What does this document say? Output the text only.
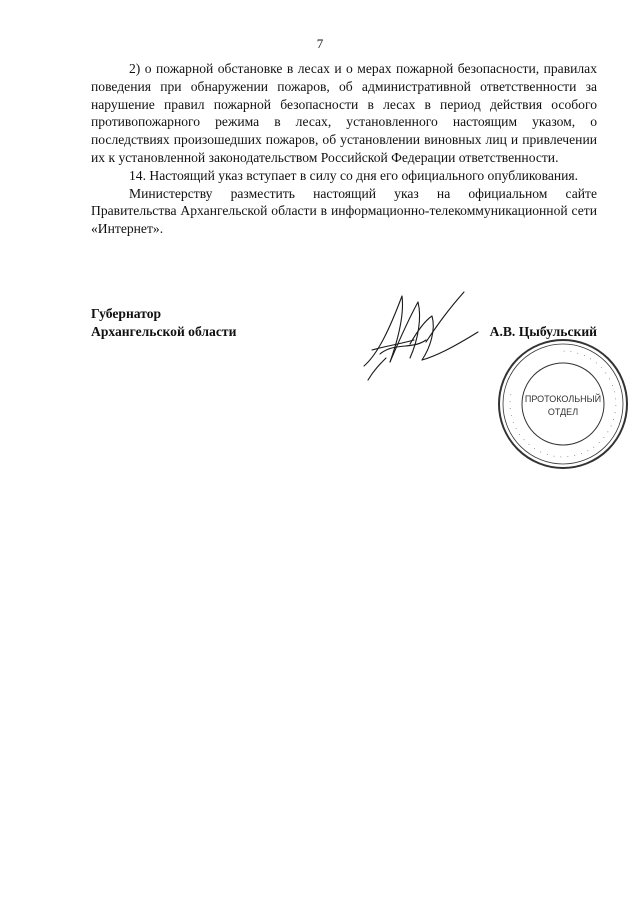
7

2) о пожарной обстановке в лесах и о мерах пожарной безопасности, правилах поведения при обнаружении пожаров, об административной ответственности за нарушение правил пожарной безопасности в лесах в период действия особого противопожарного режима в лесах, установленного настоящим указом, о последствиях произошедших пожаров, об установлении виновных лиц и привлечении их к установленной законодательством Российской Федерации ответственности.

14. Настоящий указ вступает в силу со дня его официального опубликования.

Министерству разместить настоящий указ на официальном сайте Правительства Архангельской области в информационно-телекоммуникационной сети «Интернет».

Губернатор
Архангельской области	А.В. Цыбульский
· · · · · · · · · · · · · · · · · · · · · · · · · · · · · · · · · · · · · ·	ПРОТОКОЛЬНЫЙ
ОТДЕЛ
